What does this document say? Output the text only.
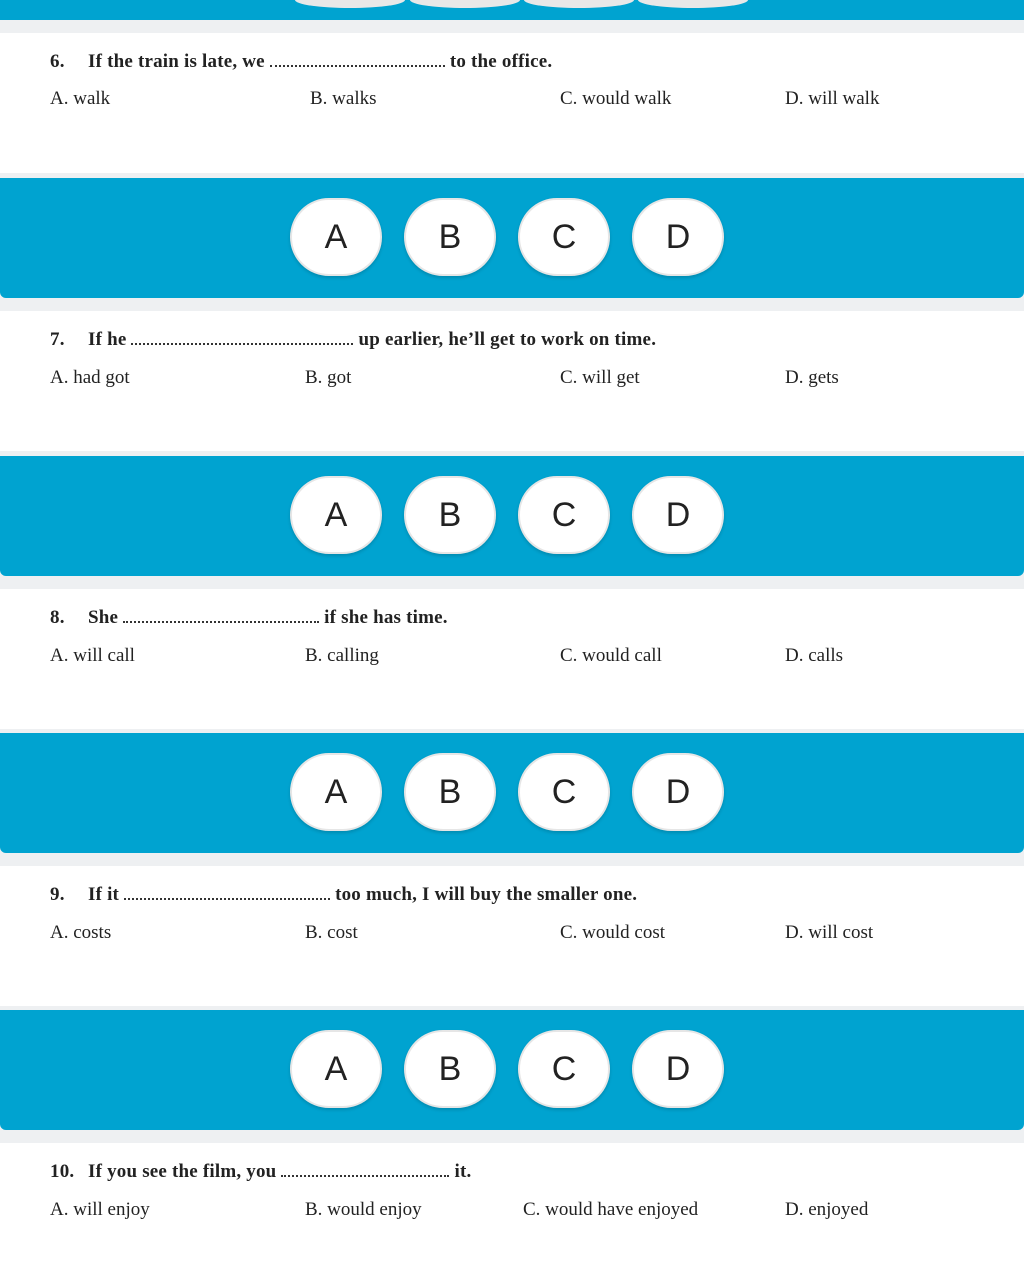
6. If the train is late, we	to the office.
A. walk	B. walks	C. would walk	D. will walk
A	B	C	D
7. If he	up earlier, he’ll get to work on time.
A. had got	B. got	C. will get	D. gets
A	B	C	D
8. She	if she has time.
A. will call	B. calling	C. would call	D. calls
A	B	C	D
9. If it	too much, I will buy the smaller one.
A. costs	B. cost	C. would cost	D. will cost
A	B	C	D
10. If you see the film, you	it.
A. will enjoy	B. would enjoy	C. would have enjoyed	D. enjoyed
